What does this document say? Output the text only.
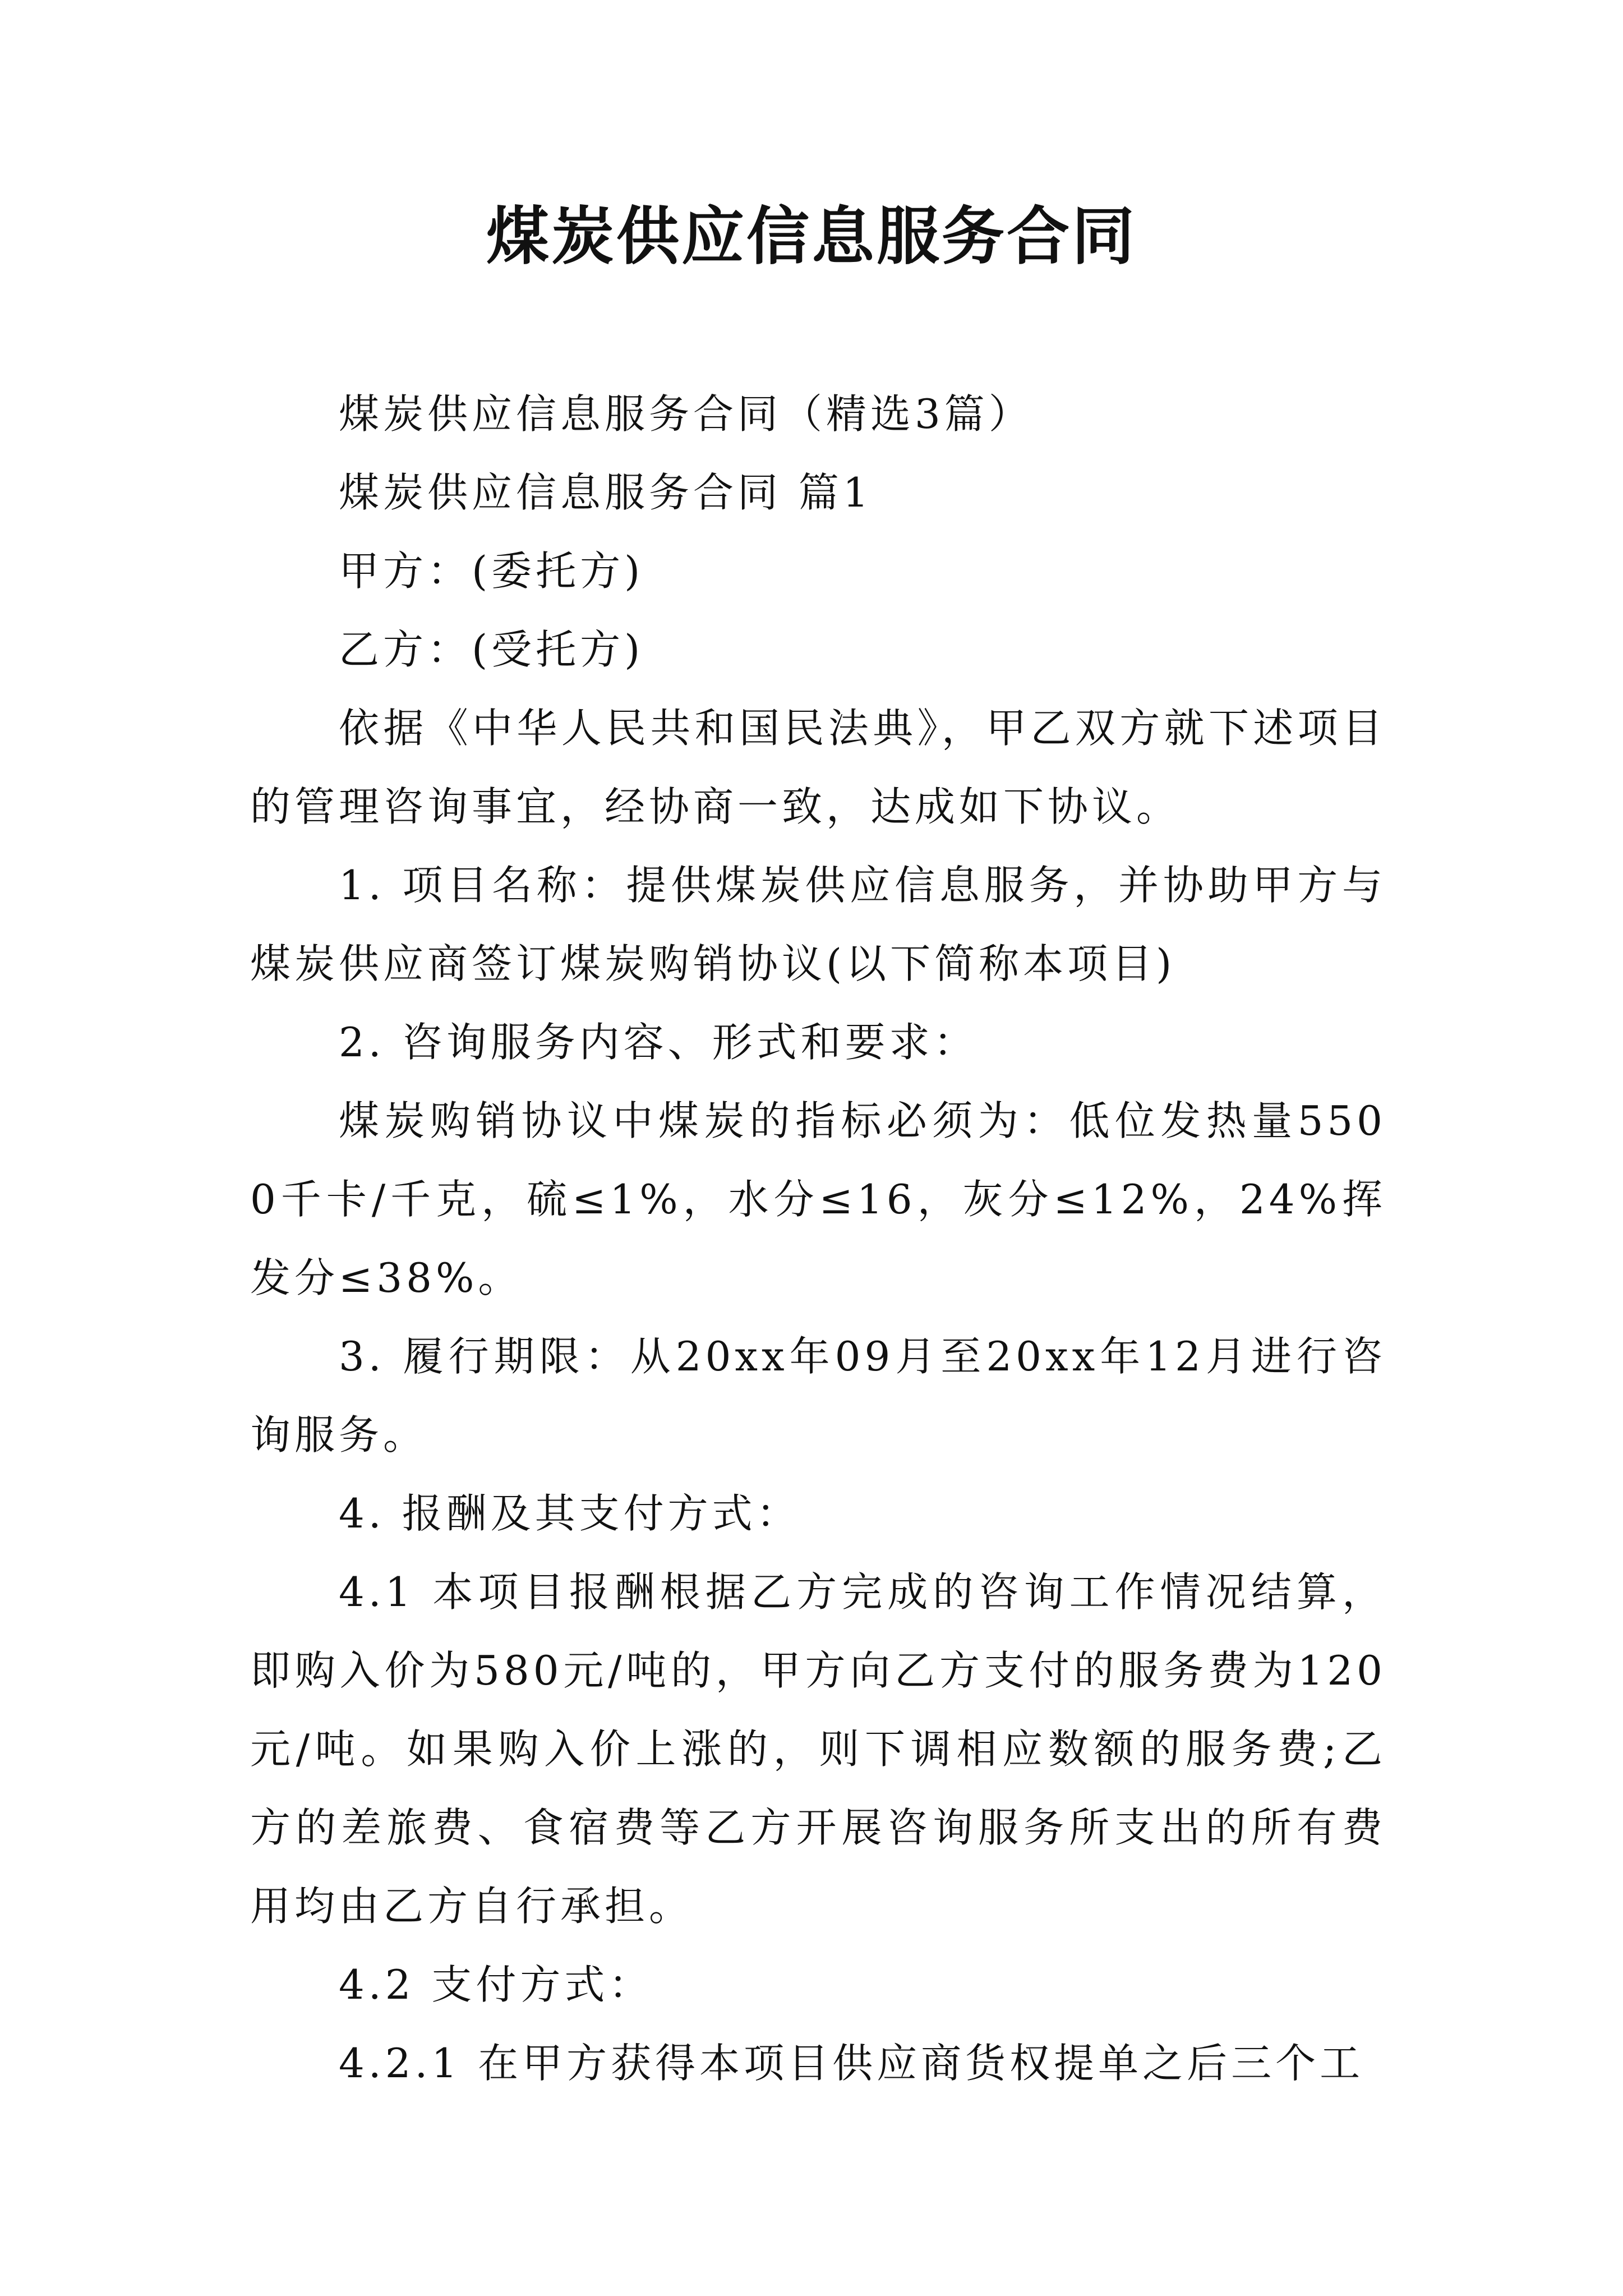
煤炭供应信息服务合同

煤炭供应信息服务合同（精选3篇）

煤炭供应信息服务合同 篇1

甲方：(委托方)

乙方：(受托方)

依据《中华人民共和国民法典》，甲乙双方就下述项目的管理咨询事宜，经协商一致，达成如下协议。

1. 项目名称：提供煤炭供应信息服务，并协助甲方与煤炭供应商签订煤炭购销协议(以下简称本项目)

2. 咨询服务内容、形式和要求：

煤炭购销协议中煤炭的指标必须为：低位发热量5500千卡/千克，硫≤1%，水分≤16，灰分≤12%，24%挥发分≤38%。

3. 履行期限：从20xx年09月至20xx年12月进行咨询服务。

4. 报酬及其支付方式：

4.1 本项目报酬根据乙方完成的咨询工作情况结算，即购入价为580元/吨的，甲方向乙方支付的服务费为120元/吨。如果购入价上涨的，则下调相应数额的服务费;乙方的差旅费、食宿费等乙方开展咨询服务所支出的所有费用均由乙方自行承担。

4.2 支付方式：

4.2.1 在甲方获得本项目供应商货权提单之后三个工
